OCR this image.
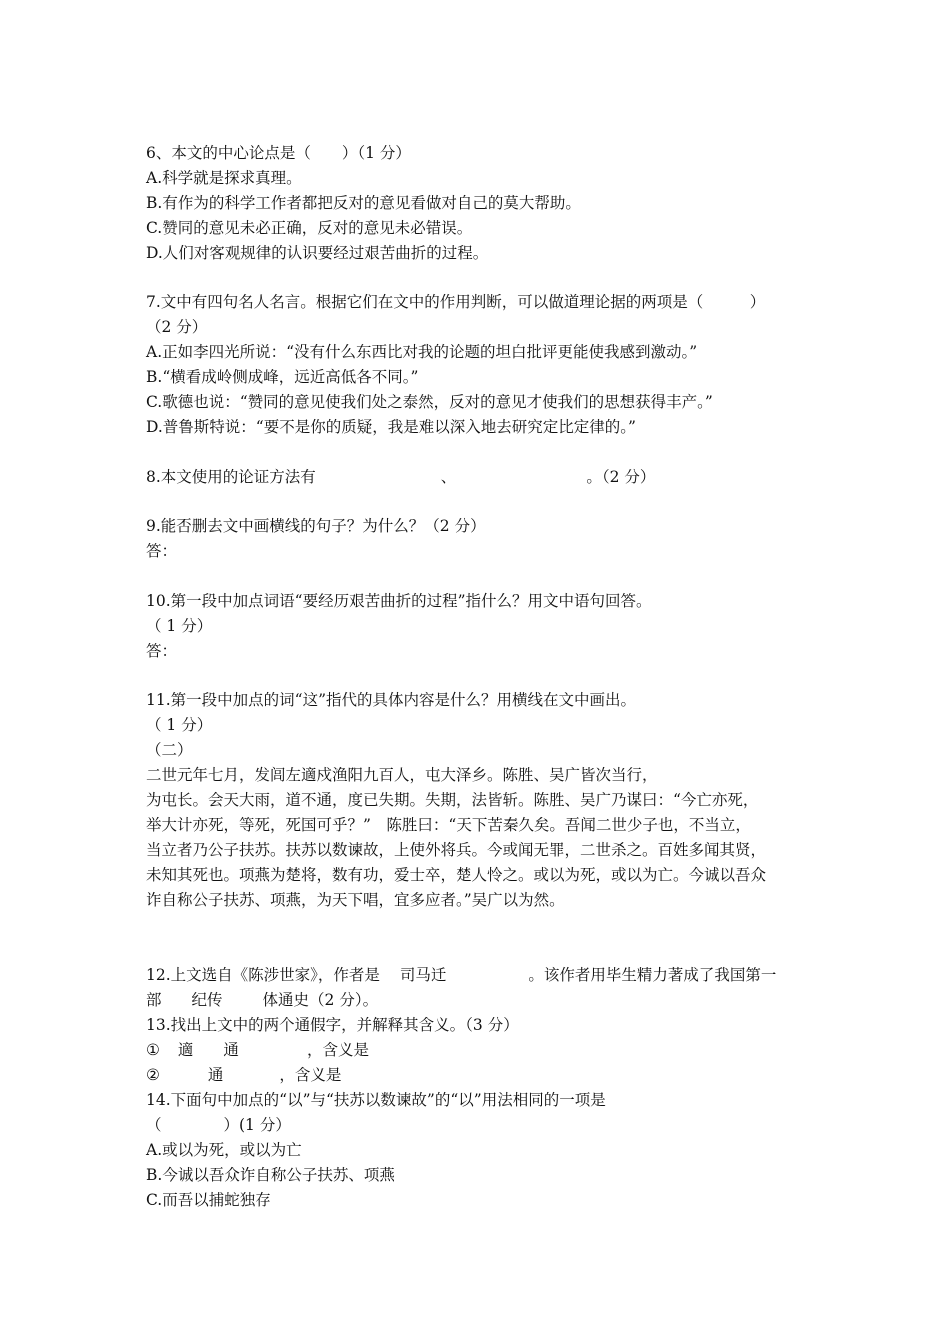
6、本文的中心论点是（　　）（1 分）
A.科学就是探求真理。
B.有作为的科学工作者都把反对的意见看做对自己的莫大帮助。
C.赞同的意见未必正确，反对的意见未必错误。
D.人们对客观规律的认识要经过艰苦曲折的过程。
7.文中有四句名人名言。根据它们在文中的作用判断，可以做道理论据的两项是（　　　）
（2 分）
A.正如李四光所说：“没有什么东西比对我的论题的坦白批评更能使我感到激动。”
B.“横看成岭侧成峰，远近高低各不同。”
C.歌德也说：“赞同的意见使我们处之泰然，反对的意见才使我们的思想获得丰产。”
D.普鲁斯特说：“要不是你的质疑，我是难以深入地去研究定比定律的。”
8.本文使用的论证方法有	、	。（2 分）
9.能否删去文中画横线的句子？为什么？（2 分）
答：
10.第一段中加点词语“要经历艰苦曲折的过程”指什么？用文中语句回答。
（ 1 分）
答：
11.第一段中加点的词“这”指代的具体内容是什么？用横线在文中画出。
（ 1 分）
（二）
二世元年七月，发闾左適戍渔阳九百人，屯大泽乡。陈胜、吴广皆次当行，
为屯长。会天大雨，道不通，度已失期。失期，法皆斩。陈胜、吴广乃谋曰：“今亡亦死，
举大计亦死，等死，死国可乎？”　陈胜曰：“天下苦秦久矣。吾闻二世少子也，不当立，
当立者乃公子扶苏。扶苏以数谏故，上使外将兵。今或闻无罪，二世杀之。百姓多闻其贤，
未知其死也。项燕为楚将，数有功，爱士卒，楚人怜之。或以为死，或以为亡。今诚以吾众
诈自称公子扶苏、项燕，为天下唱，宜多应者。”吴广以为然。
12.上文选自《陈涉世家》，作者是 司马迁	。该作者用毕生精力著成了我国第一
部 纪传	体通史（2 分）。
13.找出上文中的两个通假字，并解释其含义。（3 分）
① 適 通	，含义是
②	通	，含义是
14.下面句中加点的“以”与“扶苏以数谏故”的“以”用法相同的一项是
（　　　　）(1 分）
A.或以为死，或以为亡
B.今诚以吾众诈自称公子扶苏、项燕
C.而吾以捕蛇独存
